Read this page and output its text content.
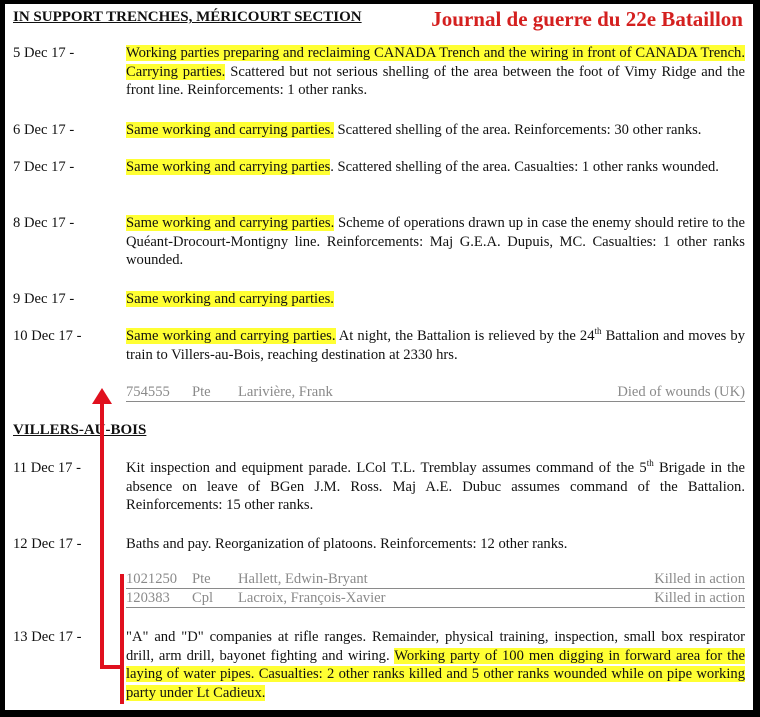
IN SUPPORT TRENCHES, MÉRICOURT SECTION	Journal de guerre du 22e Bataillon
5 Dec 17 -	Working parties preparing and reclaiming CANADA Trench and the wiring in front of CANADA Trench. Carrying parties. Scattered but not serious shelling of the area between the foot of Vimy Ridge and the front line. Reinforcements: 1 other ranks.
6 Dec 17 -	Same working and carrying parties. Scattered shelling of the area. Reinforcements: 30 other ranks.
7 Dec 17 -	Same working and carrying parties. Scattered shelling of the area. Casualties: 1 other ranks wounded.
8 Dec 17 -	Same working and carrying parties. Scheme of operations drawn up in case the enemy should retire to the Quéant-Drocourt-Montigny line. Reinforcements: Maj G.E.A. Dupuis, MC. Casualties: 1 other ranks wounded.
9 Dec 17 -	Same working and carrying parties.
10 Dec 17 -	Same working and carrying parties. At night, the Battalion is relieved by the 24th Battalion and moves by train to Villers-au-Bois, reaching destination at 2330 hrs.
754555 Pte Larivière, Frank	Died of wounds (UK)
VILLERS-AU-BOIS
11 Dec 17 -	Kit inspection and equipment parade. LCol T.L. Tremblay assumes command of the 5th Brigade in the absence on leave of BGen J.M. Ross. Maj A.E. Dubuc assumes command of the Battalion. Reinforcements: 15 other ranks.
12 Dec 17 -	Baths and pay. Reorganization of platoons. Reinforcements: 12 other ranks.
1021250 Pte Hallett, Edwin-Bryant	Killed in action
120383 Cpl Lacroix, François-Xavier	Killed in action
13 Dec 17 -	"A" and "D" companies at rifle ranges. Remainder, physical training, inspection, small box respirator drill, arm drill, bayonet fighting and wiring. Working party of 100 men digging in forward area for the laying of water pipes. Casualties: 2 other ranks killed and 5 other ranks wounded while on pipe working party under Lt Cadieux.
